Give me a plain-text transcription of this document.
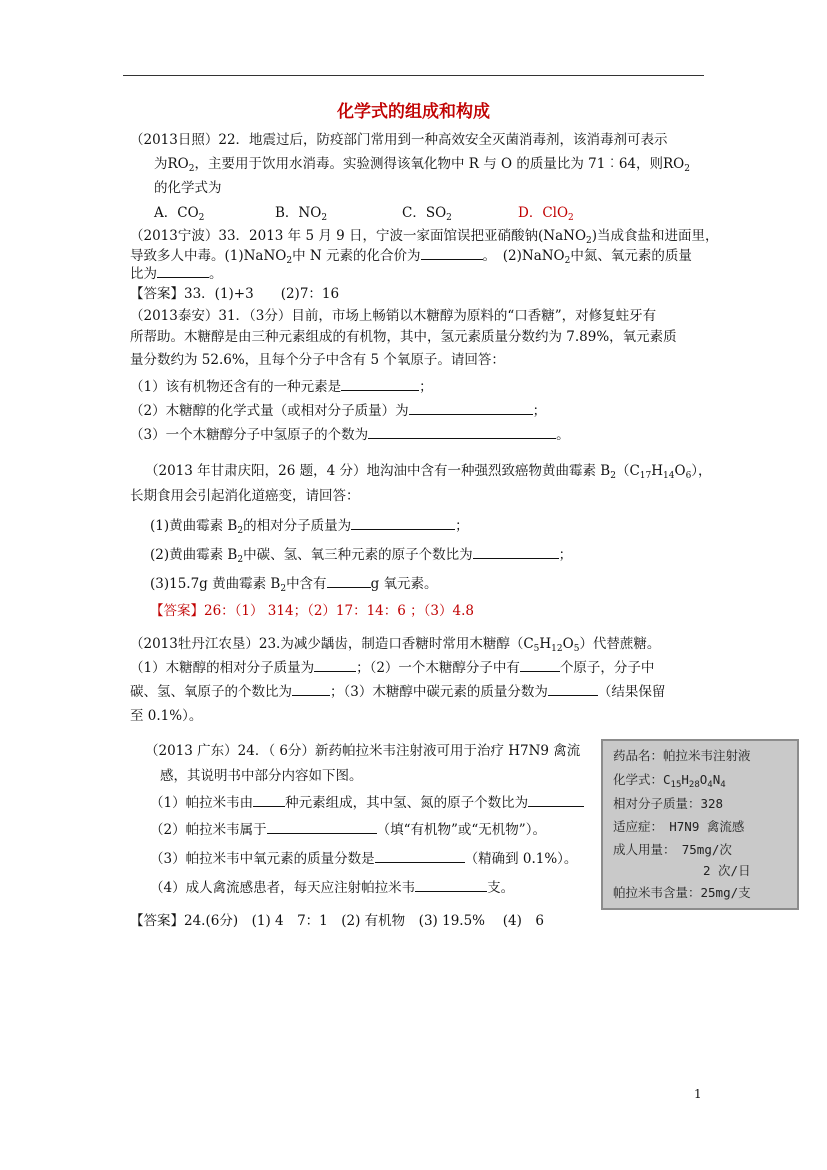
化学式的组成和构成
（2013日照）22．地震过后，防疫部门常用到一种高效安全灭菌消毒剂，该消毒剂可表示
为$RO_2$，主要用于饮用水消毒。实验测得该氧化物中 R 与 O 的质量比为 71︰64，则$RO_2$
的化学式为
A．$CO_2$	B．$NO_2$	C．$SO_2$	D．ClO$_2$
（2013宁波）33．2013 年 5 月 9 日，宁波一家面馆误把亚硝酸钠(NaNO$_2$)当成食盐和进面里，
导致多人中毒。(1)NaNO$_2$中 N 元素的化合价为	。　(2)NaNO$_2$中氮、氧元素的质量
比为	。
【答案】33．(1)+3　　(2)7：16
（2013泰安）31．（3分）目前，市场上畅销以木糖醇为原料的“口香糖”，对修复蛀牙有
所帮助。木糖醇是由三种元素组成的有机物，其中，氢元素质量分数约为 7.89%，氧元素质
量分数约为 52.6%，且每个分子中含有 5 个氧原子。请回答：
（1）该有机物还含有的一种元素是	；
（2）木糖醇的化学式量（或相对分子质量）为	；
（3）一个木糖醇分子中氢原子的个数为	。
（2013 年甘肃庆阳，26 题，4 分）地沟油中含有一种强烈致癌物黄曲霉素 $B_2(C_{17}H_{14}O_6)$，
长期食用会引起消化道癌变，请回答：
(1)黄曲霉素 $B_2$的相对分子质量为	；
(2)黄曲霉素 $B_2$中碳、氢、氧三种元素的原子个数比为	；
(3)15.7g 黄曲霉素 $B_2$中含有	g 氧元素。
【答案】26：（1） 314；（2）17：14：6 ；（3）4.8
（2013牡丹江农垦）23.为减少龋齿，制造口香糖时常用木糖醇$(C_5H_{12}O_5)$代替蔗糖。
（1）木糖醇的相对分子质量为	；（2）一个木糖醇分子中有	个原子，分子中
碳、氢、氧原子的个数比为	；（3）木糖醇中碳元素的质量分数为	（结果保留
至 0.1%）。
（2013 广东）24．（ 6分）新药帕拉米韦注射液可用于治疗 H7N9 禽流
感，其说明书中部分内容如下图。
（1）帕拉米韦由 种元素组成，其中氢、氮的原子个数比为
（2）帕拉米韦属于	（填“有机物”或“无机物”）。
（3）帕拉米韦中氧元素的质量分数是	（精确到 0.1%）。
（4）成人禽流感患者，每天应注射帕拉米韦	支。
【答案】24.(6分)　(1) 4　7：1　(2) 有机物　(3) 19.5%　 (4)　6
药品名：帕拉米韦注射液
化学式：$C_{15}H_{28}O_4N_4$
相对分子质量：328
适应症：　H7N9 禽流感
成人用量：　75mg/次
2 次/日
帕拉米韦含量：25mg/支
1
